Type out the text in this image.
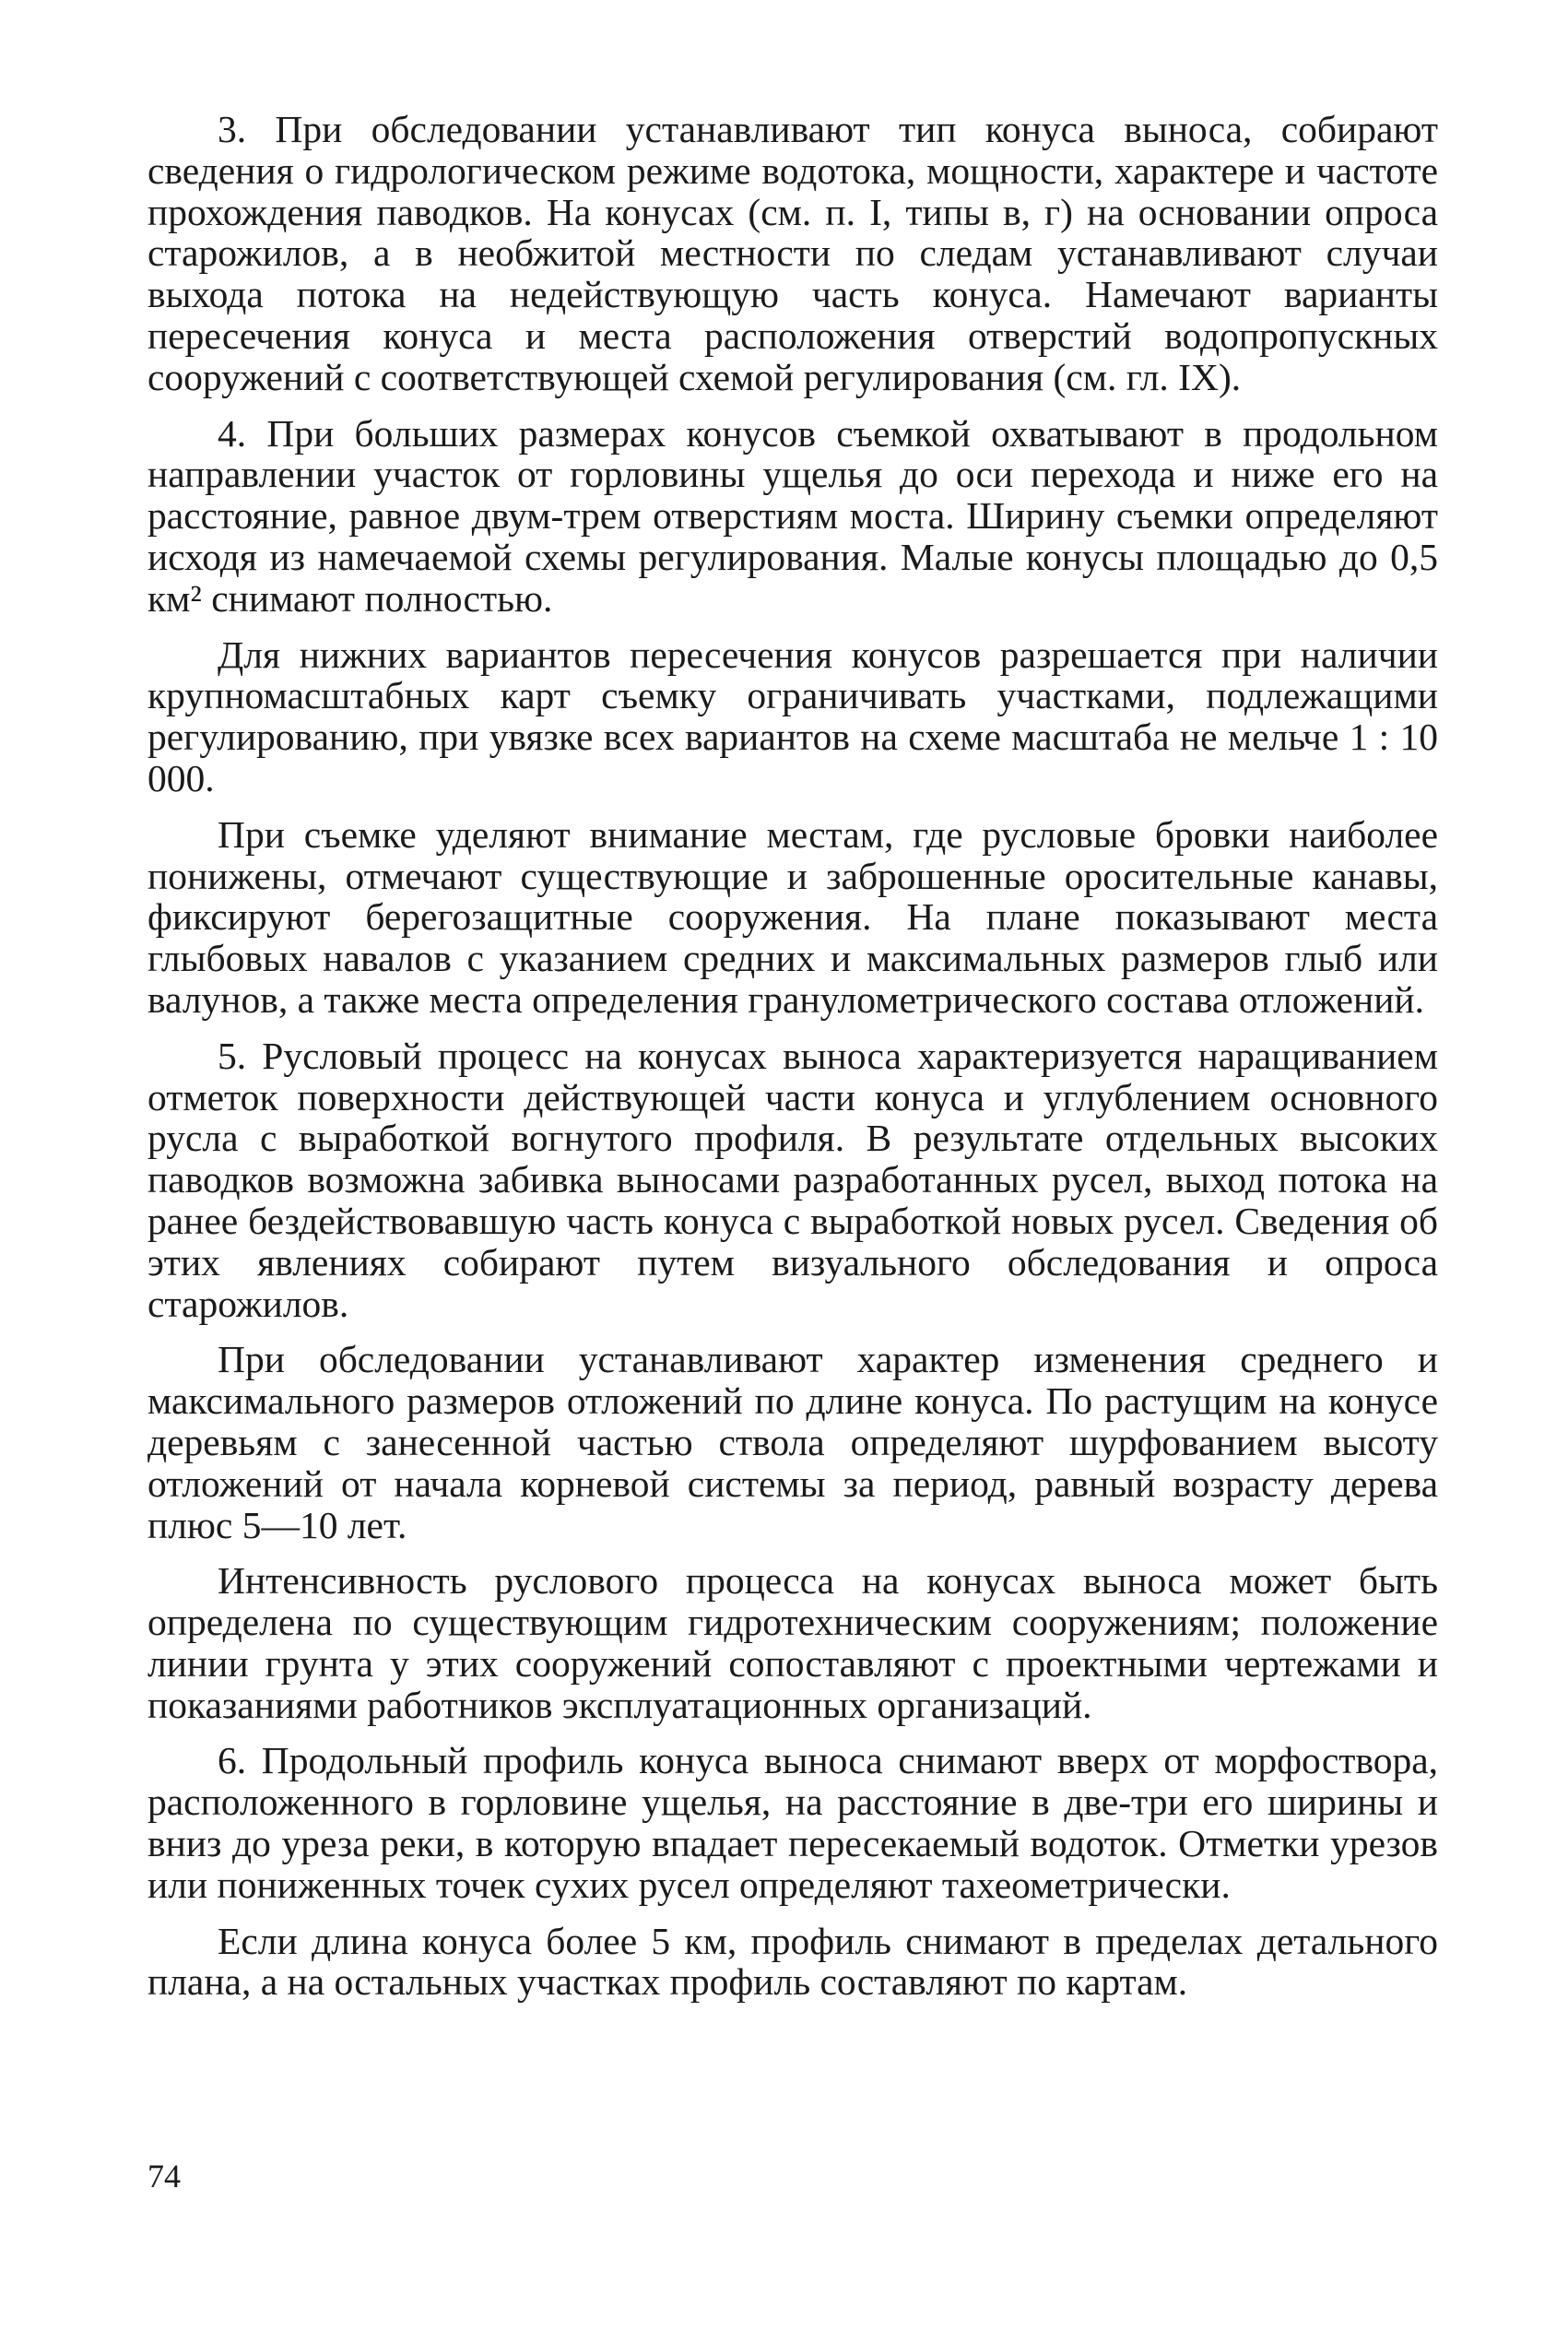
3. При обследовании устанавливают тип конуса выноса, собирают сведения о гидрологическом режиме водотока, мощности, характере и частоте прохождения паводков. На конусах (см. п. I, типы в, г) на основании опроса старожилов, а в необжитой местности по следам устанавливают случаи выхода потока на недействующую часть конуса. Намечают варианты пересечения конуса и места расположения отверстий водопропускных сооружений с соответствующей схемой регулирования (см. гл. IX).

4. При больших размерах конусов съемкой охватывают в продольном направлении участок от горловины ущелья до оси перехода и ниже его на расстояние, равное двум-трем отверстиям моста. Ширину съемки определяют исходя из намечаемой схемы регулирования. Малые конусы площадью до 0,5 км² снимают полностью.

Для нижних вариантов пересечения конусов разрешается при наличии крупномасштабных карт съемку ограничивать участками, подлежащими регулированию, при увязке всех вариантов на схеме масштаба не мельче 1 : 10 000.

При съемке уделяют внимание местам, где русловые бровки наиболее понижены, отмечают существующие и заброшенные оросительные канавы, фиксируют берегозащитные сооружения. На плане показывают места глыбовых навалов с указанием средних и максимальных размеров глыб или валунов, а также места определения гранулометрического состава отложений.

5. Русловый процесс на конусах выноса характеризуется наращиванием отметок поверхности действующей части конуса и углублением основного русла с выработкой вогнутого профиля. В результате отдельных высоких паводков возможна забивка выносами разработанных русел, выход потока на ранее бездействовавшую часть конуса с выработкой новых русел. Сведения об этих явлениях собирают путем визуального обследования и опроса старожилов.

При обследовании устанавливают характер изменения среднего и максимального размеров отложений по длине конуса. По растущим на конусе деревьям с занесенной частью ствола определяют шурфованием высоту отложений от начала корневой системы за период, равный возрасту дерева плюс 5—10 лет.

Интенсивность руслового процесса на конусах выноса может быть определена по существующим гидротехническим сооружениям; положение линии грунта у этих сооружений сопоставляют с проектными чертежами и показаниями работников эксплуатационных организаций.

6. Продольный профиль конуса выноса снимают вверх от морфоствора, расположенного в горловине ущелья, на расстояние в две-три его ширины и вниз до уреза реки, в которую впадает пересекаемый водоток. Отметки урезов или пониженных точек сухих русел определяют тахеометрически.

Если длина конуса более 5 км, профиль снимают в пределах детального плана, а на остальных участках профиль составляют по картам.

74
